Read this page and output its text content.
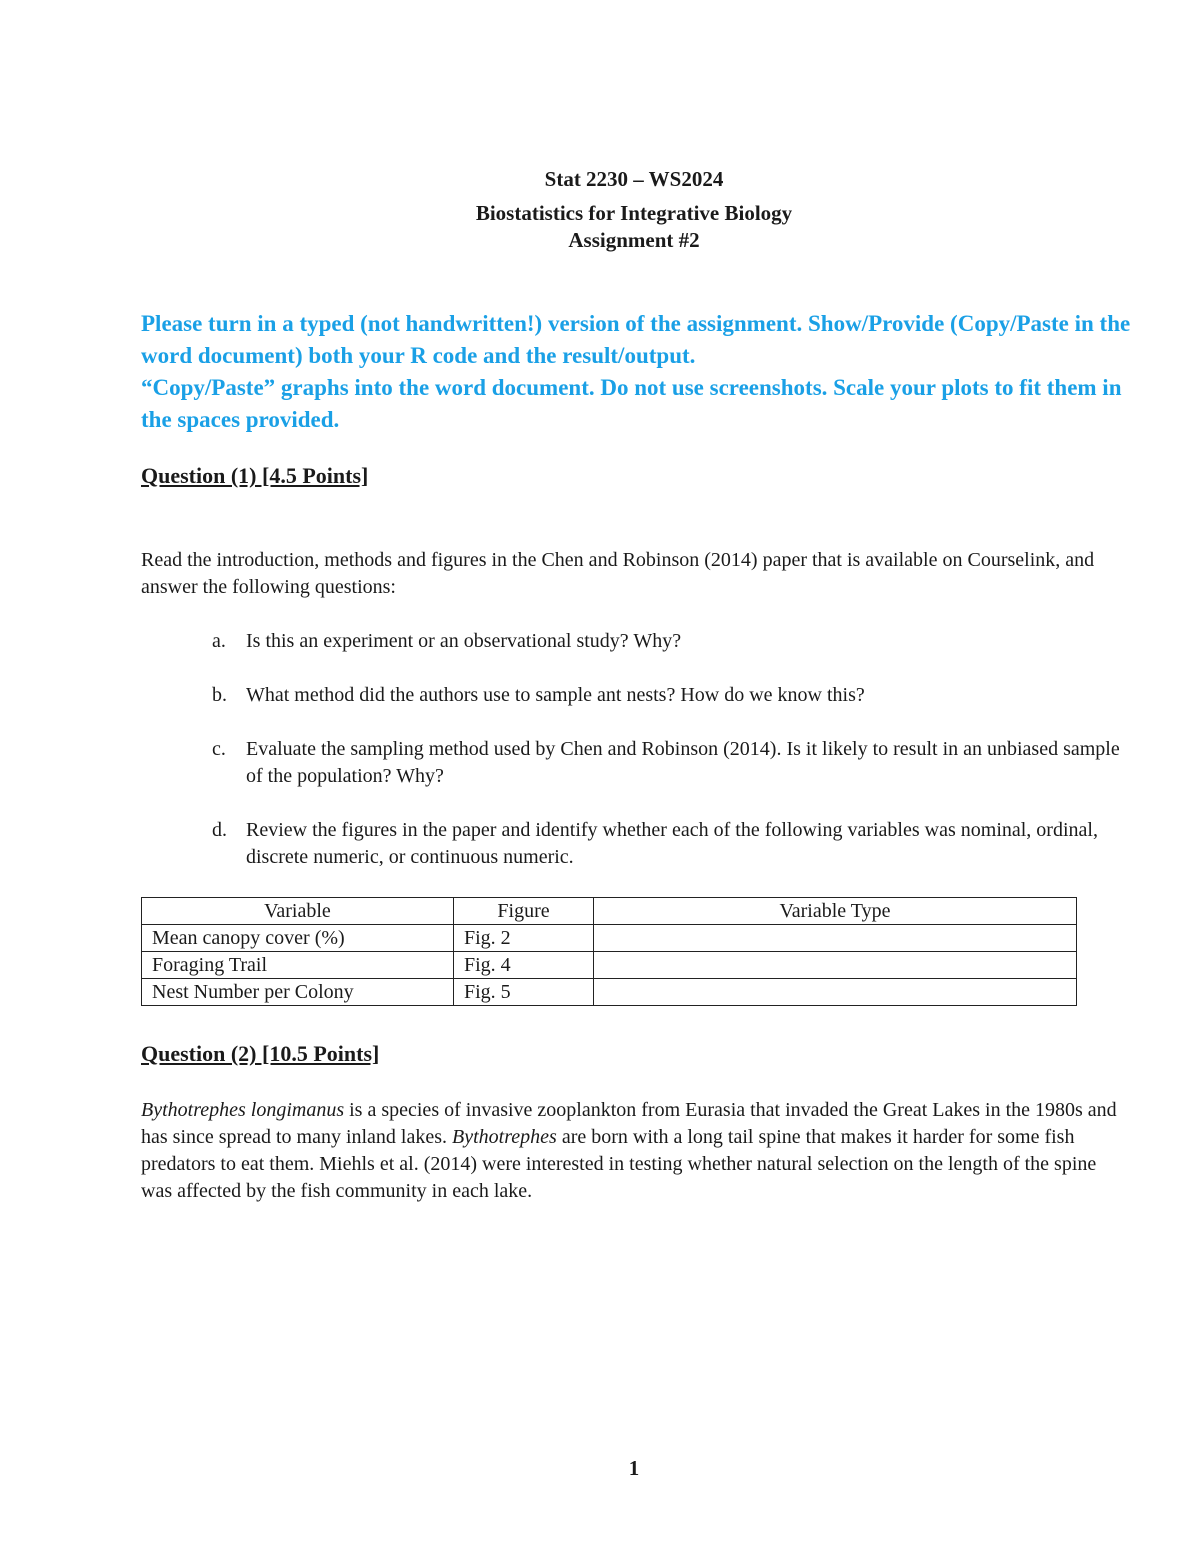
Stat 2230 – WS2024
Biostatistics for Integrative Biology
Assignment #2

Please turn in a typed (not handwritten!) version of the assignment. Show/Provide (Copy/Paste in the word document) both your R code and the result/output.

“Copy/Paste” graphs into the word document. Do not use screenshots. Scale your plots to fit them in the spaces provided.

Question (1) [4.5 Points]
Read the introduction, methods and figures in the Chen and Robinson (2014) paper that is available on Courselink, and answer the following questions:
a. Is this an experiment or an observational study? Why?
b. What method did the authors use to sample ant nests? How do we know this?
c. Evaluate the sampling method used by Chen and Robinson (2014). Is it likely to result in an unbiased sample of the population? Why?
d. Review the figures in the paper and identify whether each of the following variables was nominal, ordinal, discrete numeric, or continuous numeric.
Variable	Figure	Variable Type
Mean canopy cover (%)	Fig. 2	
Foraging Trail	Fig. 4	
Nest Number per Colony	Fig. 5	
Question (2) [10.5 Points]
Bythotrephes longimanus is a species of invasive zooplankton from Eurasia that invaded the Great Lakes in the 1980s and has since spread to many inland lakes. Bythotrephes are born with a long tail spine that makes it harder for some fish predators to eat them. Miehls et al. (2014) were interested in testing whether natural selection on the length of the spine was affected by the fish community in each lake.
1
